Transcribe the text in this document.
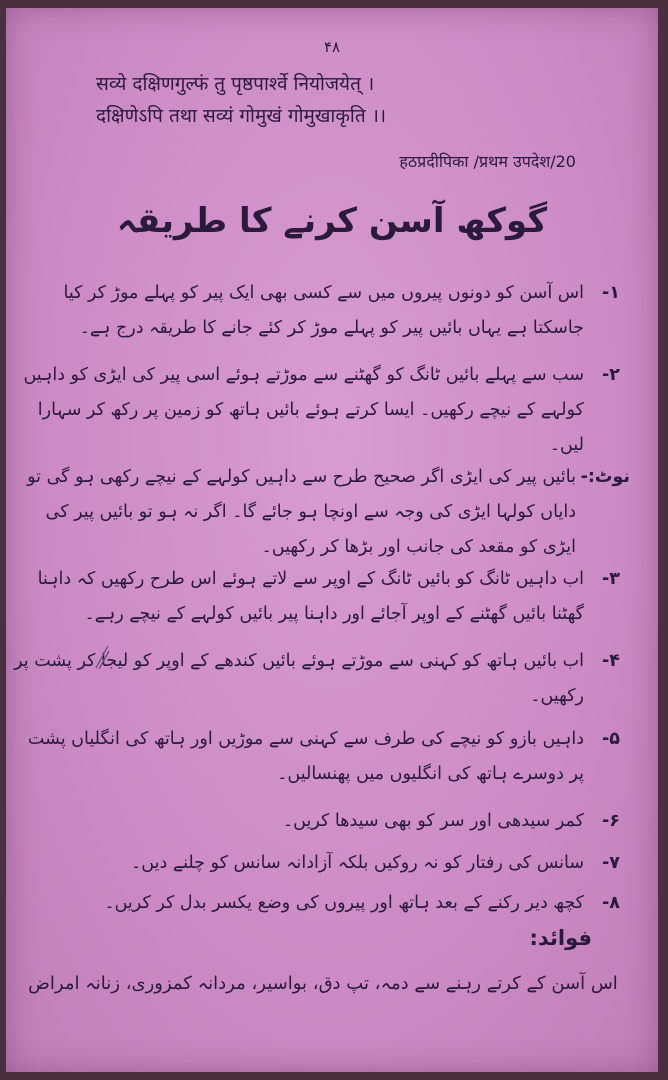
۴۸
सव्ये दक्षिणगुल्फं तु पृष्ठपार्श्वे नियोजयेत् ।
दक्षिणेऽपि तथा सव्यं गोमुखं गोमुखाकृति ।।
हठप्रदीपिका /प्रथम उपदेश/20
گوکھ آسن کرنے کا طریقہ
۱-
اس آسن کو دونوں پیروں میں سے کسی بھی ایک پیر کو پہلے موڑ کر کیا جاسکتا ہے یہاں بائیں پیر کو پہلے موڑ کر کئے جانے کا طریقہ درج ہے۔
۲-
سب سے پہلے بائیں ٹانگ کو گھٹنے سے موڑتے ہوئے اسی پیر کی ایڑی کو داہیں کولہے کے نیچے رکھیں۔ ایسا کرتے ہوئے بائیں ہاتھ کو زمین پر رکھ کر سہارا لیں۔
نوٹ:-
بائیں پیر کی ایڑی اگر صحیح طرح سے داہیں کولہے کے نیچے رکھی ہو گی تو دایاں کولہا ایڑی کی وجہ سے اونچا ہو جائے گا۔ اگر نہ ہو تو بائیں پیر کی ایڑی کو مقعد کی جانب اور بڑھا کر رکھیں۔
۳-
اب داہیں ٹانگ کو بائیں ٹانگ کے اوپر سے لاتے ہوئے اس طرح رکھیں کہ داہنا گھٹنا بائیں گھٹنے کے اوپر آجائے اور داہنا پیر بائیں کولہے کے نیچے رہے۔
۴-
اب بائیں ہاتھ کو کہنی سے موڑتے ہوئے بائیں کندھے کے اوپر کو لیجا کر پشت پر رکھیں۔
۵-
داہیں بازو کو نیچے کی طرف سے کہنی سے موڑیں اور ہاتھ کی انگلیاں پشت پر دوسرے ہاتھ کی انگلیوں میں پھنسالیں۔
۶-
کمر سیدھی اور سر کو بھی سیدھا کریں۔
۷-
سانس کی رفتار کو نہ روکیں بلکہ آزادانہ سانس کو چلنے دیں۔
۸-
کچھ دیر رکنے کے بعد ہاتھ اور پیروں کی وضع یکسر بدل کر کریں۔
فوائد:
اس آسن کے کرتے رہنے سے دمہ، تپ دق، بواسیر، مردانہ کمزوری، زنانہ امراض
